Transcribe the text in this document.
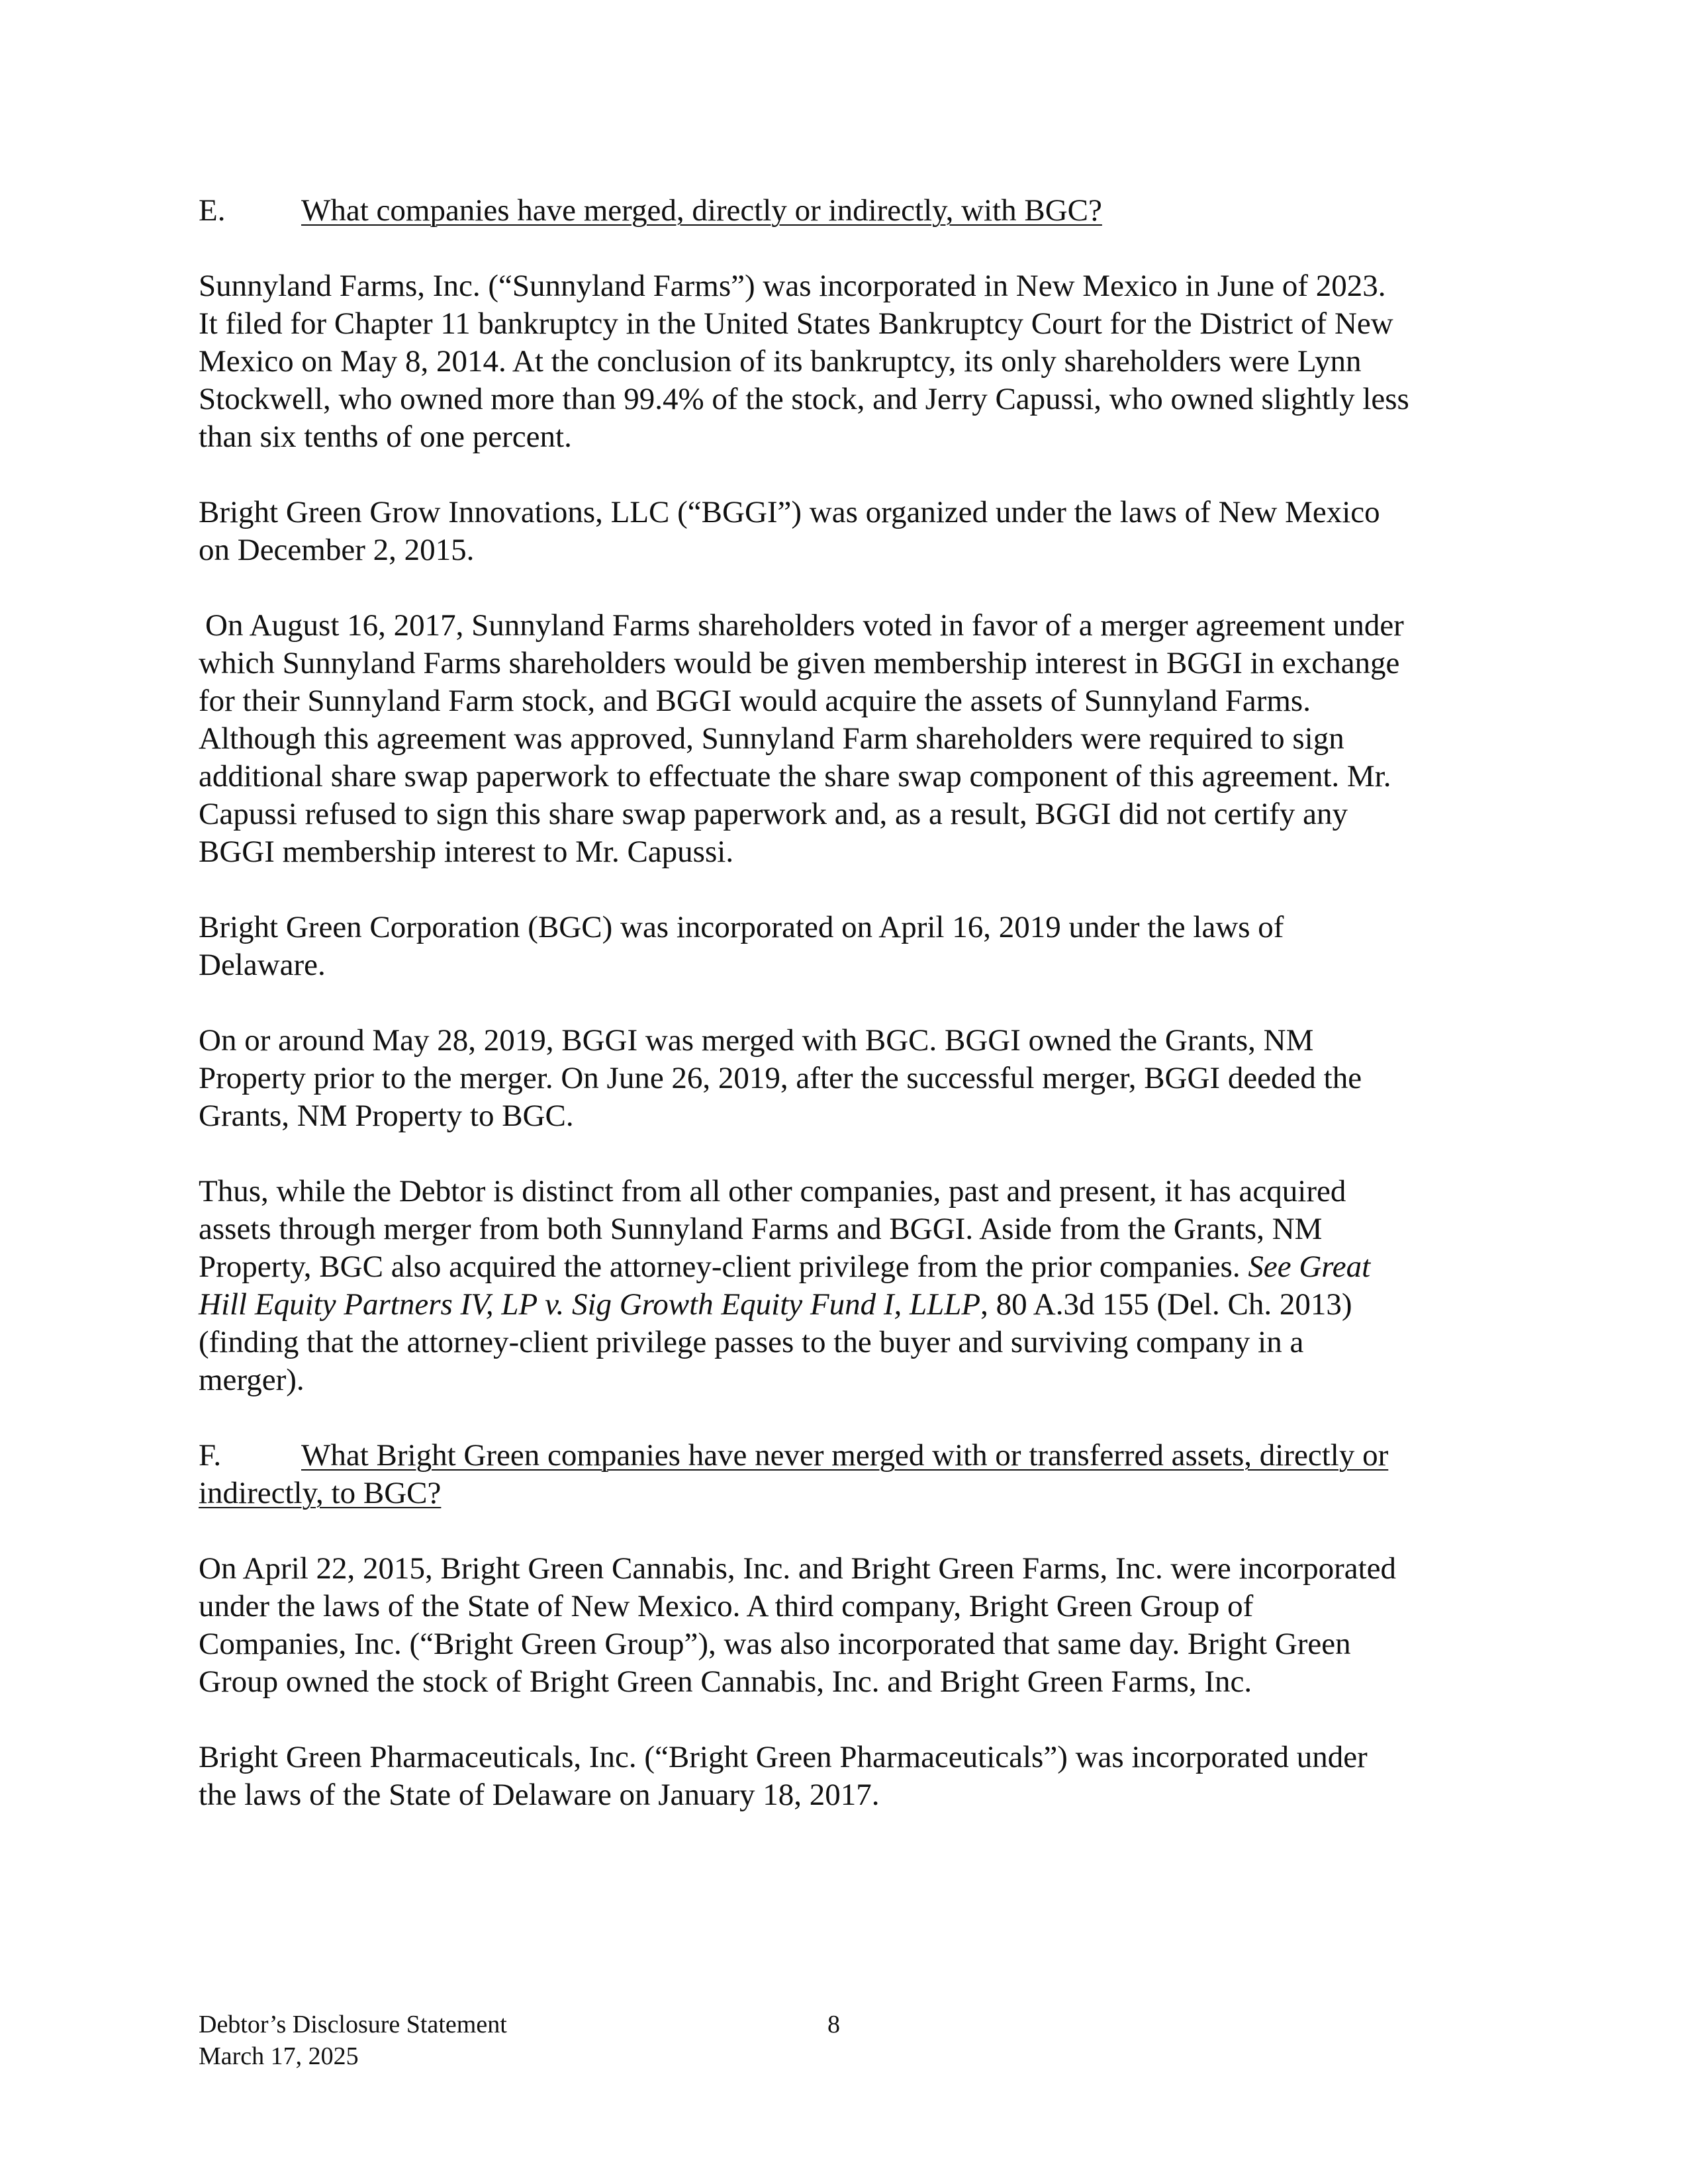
E. What companies have merged, directly or indirectly, with BGC?
Sunnyland Farms, Inc. (“Sunnyland Farms”) was incorporated in New Mexico in June of 2023.
It filed for Chapter 11 bankruptcy in the United States Bankruptcy Court for the District of New
Mexico on May 8, 2014. At the conclusion of its bankruptcy, its only shareholders were Lynn
Stockwell, who owned more than 99.4% of the stock, and Jerry Capussi, who owned slightly less
than six tenths of one percent.
Bright Green Grow Innovations, LLC (“BGGI”) was organized under the laws of New Mexico
on December 2, 2015.
On August 16, 2017, Sunnyland Farms shareholders voted in favor of a merger agreement under
which Sunnyland Farms shareholders would be given membership interest in BGGI in exchange
for their Sunnyland Farm stock, and BGGI would acquire the assets of Sunnyland Farms.
Although this agreement was approved, Sunnyland Farm shareholders were required to sign
additional share swap paperwork to effectuate the share swap component of this agreement. Mr.
Capussi refused to sign this share swap paperwork and, as a result, BGGI did not certify any
BGGI membership interest to Mr. Capussi.
Bright Green Corporation (BGC) was incorporated on April 16, 2019 under the laws of
Delaware.
On or around May 28, 2019, BGGI was merged with BGC. BGGI owned the Grants, NM
Property prior to the merger. On June 26, 2019, after the successful merger, BGGI deeded the
Grants, NM Property to BGC.
Thus, while the Debtor is distinct from all other companies, past and present, it has acquired
assets through merger from both Sunnyland Farms and BGGI. Aside from the Grants, NM
Property, BGC also acquired the attorney-client privilege from the prior companies. See Great
Hill Equity Partners IV, LP v. Sig Growth Equity Fund I, LLLP, 80 A.3d 155 (Del. Ch. 2013)
(finding that the attorney-client privilege passes to the buyer and surviving company in a
merger).
F.	What Bright Green companies have never merged with or transferred assets, directly or
indirectly, to BGC?
On April 22, 2015, Bright Green Cannabis, Inc. and Bright Green Farms, Inc. were incorporated
under the laws of the State of New Mexico. A third company, Bright Green Group of
Companies, Inc. (“Bright Green Group”), was also incorporated that same day. Bright Green
Group owned the stock of Bright Green Cannabis, Inc. and Bright Green Farms, Inc.
Bright Green Pharmaceuticals, Inc. (“Bright Green Pharmaceuticals”) was incorporated under
the laws of the State of Delaware on January 18, 2017.
Debtor’s Disclosure Statement
March 17, 2025
8
